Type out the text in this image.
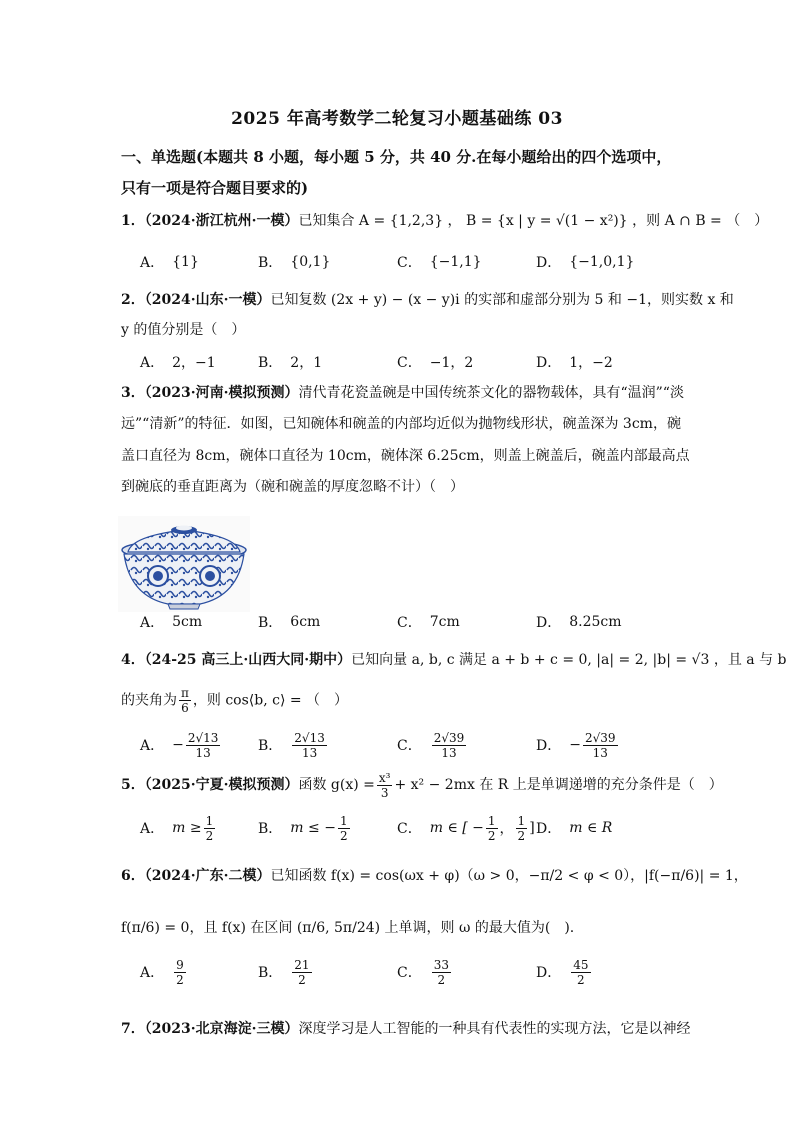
2025 年高考数学二轮复习小题基础练 03
一、单选题(本题共 8 小题，每小题 5 分，共 40 分.在每小题给出的四个选项中，
只有一项是符合题目要求的)
1．（2024·浙江杭州·一模）已知集合 A = {1,2,3} ， B = {x | y = √(1 − x²)} ，则 A ∩ B = （　）
A． {1}	B． {0,1}	C． {−1,1}	D． {−1,0,1}
2．（2024·山东·一模）已知复数 (2x + y) − (x − y)i 的实部和虚部分别为 5 和 −1，则实数 x 和
y 的值分别是（　）
A． 2，−1	B． 2，1	C． −1，2	D． 1，−2
3．（2023·河南·模拟预测）清代青花瓷盖碗是中国传统茶文化的器物载体，具有“温润”“淡
远”“清新”的特征．如图，已知碗体和碗盖的内部均近似为抛物线形状，碗盖深为 3cm，碗
盖口直径为 8cm，碗体口直径为 10cm，碗体深 6.25cm，则盖上碗盖后，碗盖内部最高点
到碗底的垂直距离为（碗和碗盖的厚度忽略不计）（　）
A． 5cm	B． 6cm	C． 7cm	D． 8.25cm
4．（24-25 高三上·山西大同·期中）已知向量 a, b, c 满足 a + b + c = 0, |a| = 2, |b| = √3 ，且 a 与 b
的夹角为 $\frac{\pi}{6}$ ，则 cos⟨b, c⟩ = （　）
A． − $\frac{2√13}{13}$	B． $\frac{2√13}{13}$	C． $\frac{2√39}{13}$	D． − $\frac{2√39}{13}$
5．（2025·宁夏·模拟预测）函数 $g(x) = \frac{\text{x³}}{3} + x^2 - 2mx$ 在 R 上是单调递增的充分条件是（　）
A． $m \ge \frac{1}{2}$	B． m ≤ − $\frac{1}{2}$	C． m ∈ [ − $\frac{1}{2}$ ， $\frac{1}{2}$ ] D． m ∈ R
6．（2024·广东·二模）已知函数 f(x) = cos(ωx + φ)（ω > 0，−π/2 < φ < 0），|f(−π/6)| = 1，
f(π/6) = 0，且 f(x) 在区间 (π/6, 5π/24) 上单调，则 ω 的最大值为(　).
A． $\frac{9}{2}$	B． $\frac{21}{2}$	C． $\frac{33}{2}$	D． $\frac{45}{2}$
7．（2023·北京海淀·三模）深度学习是人工智能的一种具有代表性的实现方法，它是以神经
